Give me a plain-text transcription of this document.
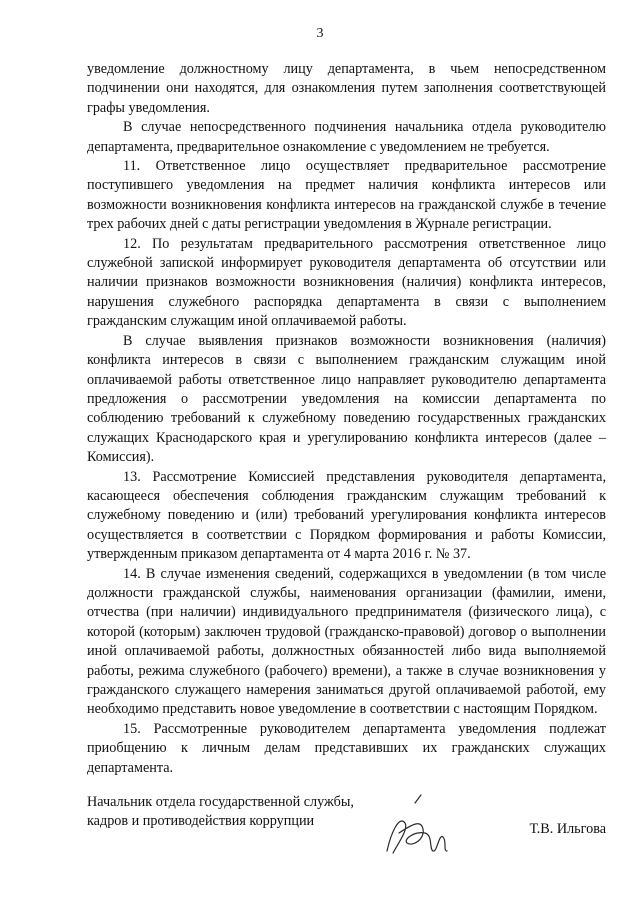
3

уведомление должностному лицу департамента, в чьем непосредственном подчинении они находятся, для ознакомления путем заполнения соответствующей графы уведомления.

В случае непосредственного подчинения начальника отдела руководителю департамента, предварительное ознакомление с уведомлением не требуется.

11. Ответственное лицо осуществляет предварительное рассмотрение поступившего уведомления на предмет наличия конфликта интересов или возможности возникновения конфликта интересов на гражданской службе в течение трех рабочих дней с даты регистрации уведомления в Журнале регистрации.

12. По результатам предварительного рассмотрения ответственное лицо служебной запиской информирует руководителя департамента об отсутствии или наличии признаков возможности возникновения (наличия) конфликта интересов, нарушения служебного распорядка департамента в связи с выполнением гражданским служащим иной оплачиваемой работы.

В случае выявления признаков возможности возникновения (наличия) конфликта интересов в связи с выполнением гражданским служащим иной оплачиваемой работы ответственное лицо направляет руководителю департамента предложения о рассмотрении уведомления на комиссии департамента по соблюдению требований к служебному поведению государственных гражданских служащих Краснодарского края и урегулированию конфликта интересов (далее – Комиссия).

13. Рассмотрение Комиссией представления руководителя департамента, касающееся обеспечения соблюдения гражданским служащим требований к служебному поведению и (или) требований урегулирования конфликта интересов осуществляется в соответствии с Порядком формирования и работы Комиссии, утвержденным приказом департамента от 4 марта 2016 г. № 37.

14. В случае изменения сведений, содержащихся в уведомлении (в том числе должности гражданской службы, наименования организации (фамилии, имени, отчества (при наличии) индивидуального предпринимателя (физического лица), с которой (которым) заключен трудовой (гражданско-правовой) договор о выполнении иной оплачиваемой работы, должностных обязанностей либо вида выполняемой работы, режима служебного (рабочего) времени), а также в случае возникновения у гражданского служащего намерения заниматься другой оплачиваемой работой, ему необходимо представить новое уведомление в соответствии с настоящим Порядком.

15. Рассмотренные руководителем департамента уведомления подлежат приобщению к личным делам представивших их гражданских служащих департамента.

Начальник отдела государственной службы,
кадров и противодействия коррупции	Т.В. Ильгова
